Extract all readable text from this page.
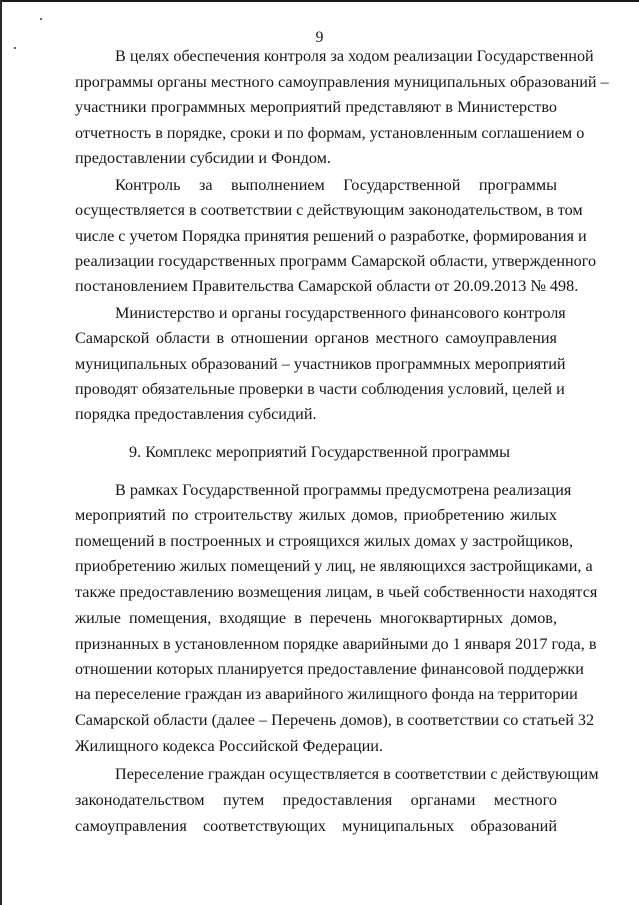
9
В целях обеспечения контроля за ходом реализации Государственной
программы органы местного самоуправления муниципальных образований –
участники программных мероприятий представляют в Министерство
отчетность в порядке, сроки и по формам, установленным соглашением о
предоставлении субсидии и Фондом.
Контроль за выполнением Государственной программы
осуществляется в соответствии с действующим законодательством, в том
числе с учетом Порядка принятия решений о разработке, формирования и
реализации государственных программ Самарской области, утвержденного
постановлением Правительства Самарской области от 20.09.2013 № 498.
Министерство и органы государственного финансового контроля
Самарской области в отношении органов местного самоуправления
муниципальных образований – участников программных мероприятий
проводят обязательные проверки в части соблюдения условий, целей и
порядка предоставления субсидий.
9. Комплекс мероприятий Государственной программы
В рамках Государственной программы предусмотрена реализация
мероприятий по строительству жилых домов, приобретению жилых
помещений в построенных и строящихся жилых домах у застройщиков,
приобретению жилых помещений у лиц, не являющихся застройщиками, а
также предоставлению возмещения лицам, в чьей собственности находятся
жилые помещения, входящие в перечень многоквартирных домов,
признанных в установленном порядке аварийными до 1 января 2017 года, в
отношении которых планируется предоставление финансовой поддержки
на переселение граждан из аварийного жилищного фонда на территории
Самарской области (далее – Перечень домов), в соответствии со статьей 32
Жилищного кодекса Российской Федерации.
Переселение граждан осуществляется в соответствии с действующим
законодательством путем предоставления органами местного
самоуправления соответствующих муниципальных образований
